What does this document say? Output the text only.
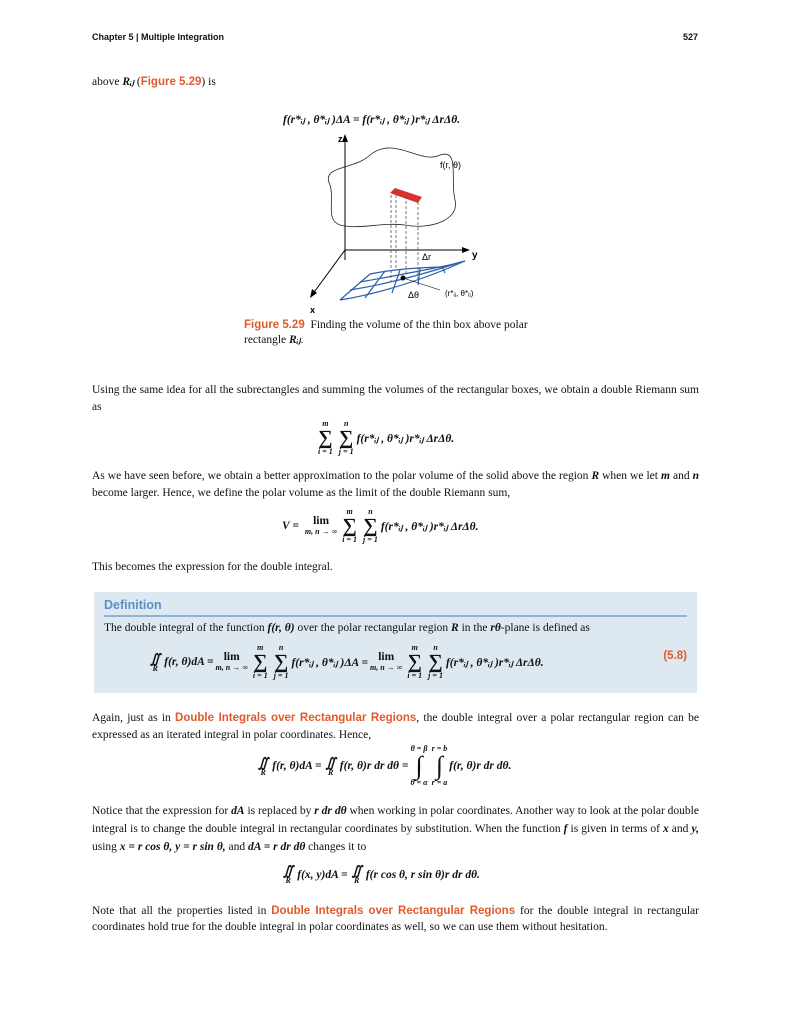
Chapter 5 | Multiple Integration	527
above Rᵢⱼ (Figure 5.29) is
f(r*ᵢⱼ , θ*ᵢⱼ )ΔA = f(r*ᵢⱼ , θ*ᵢⱼ )r*ᵢⱼ ΔrΔθ.
z
y
x
f(r, θ)
Δr
Δθ	(r*ᵢⱼ, θ*ᵢⱼ)
Figure 5.29 Finding the volume of the thin box above polar rectangle Rᵢⱼ.
Using the same idea for all the subrectangles and summing the volumes of the rectangular boxes, we obtain a double Riemann sum as
m
∑
i = 1
n
∑
j = 1
f(r*ᵢⱼ , θ*ᵢⱼ )r*ᵢⱼ ΔrΔθ.
As we have seen before, we obtain a better approximation to the polar volume of the solid above the region R when we let m and n become larger. Hence, we define the polar volume as the limit of the double Riemann sum,
V = lim
m, n → ∞
m
∑
i = 1
n
∑
j = 1
f(r*ᵢⱼ , θ*ᵢⱼ )r*ᵢⱼ ΔrΔθ.
This becomes the expression for the double integral.
Definition
The double integral of the function f(r, θ) over the polar rectangular region R in the rθ-plane is defined as
∬
R f(r, θ)dA = lim
m, n → ∞
m
∑
i = 1
n
∑
j = 1
f(r*ᵢⱼ , θ*ᵢⱼ )ΔA = lim
m, n → ∞
m
∑
i = 1
n
∑
j = 1
f(r*ᵢⱼ , θ*ᵢⱼ )r*ᵢⱼ ΔrΔθ.
(5.8)
Again, just as in Double Integrals over Rectangular Regions, the double integral over a polar rectangular region can be expressed as an iterated integral in polar coordinates. Hence,
∬
R f(r, θ)dA = ∬
R f(r, θ)r dr dθ =
θ = β
∫
θ = α
r = b
∫
r = a
f(r, θ)r dr dθ.
Notice that the expression for dA is replaced by r dr dθ when working in polar coordinates. Another way to look at the polar double integral is to change the double integral in rectangular coordinates by substitution. When the function f is given in terms of x and y, using x = r cos θ, y = r sin θ, and dA = r dr dθ changes it to
∬
R f(x, y)dA = ∬
R f(r cos θ, r sin θ)r dr dθ.
Note that all the properties listed in Double Integrals over Rectangular Regions for the double integral in rectangular coordinates hold true for the double integral in polar coordinates as well, so we can use them without hesitation.
